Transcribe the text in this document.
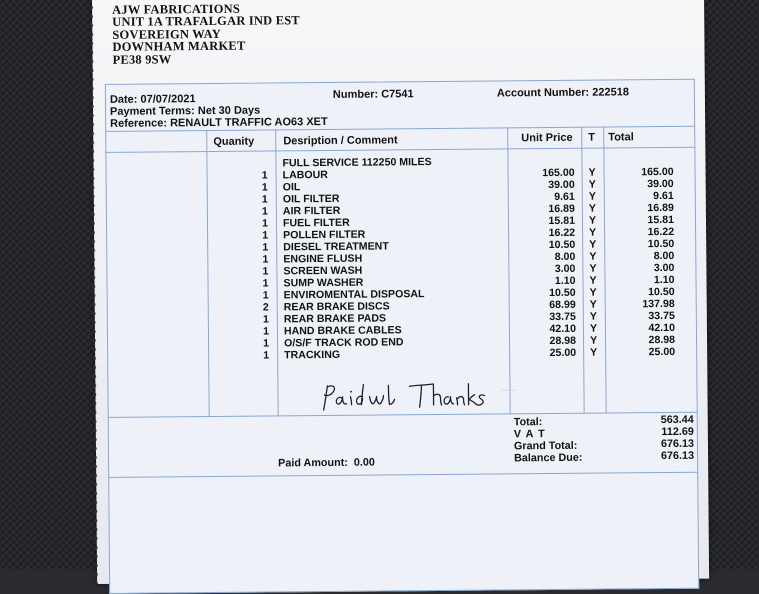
AJW FABRICATIONS
UNIT 1A TRAFALGAR IND EST
SOVEREIGN WAY
DOWNHAM MARKET
PE38 9SW
Date: 07/07/2021
Payment Terms: Net 30 Days
Reference: RENAULT TRAFFIC AO63 XET
Number: C7541	Account Number: 222518
Quanity	Desription / Comment	Unit Price T Total
FULL SERVICE 112250 MILES
1 LABOUR	165.00 Y	165.00
1 OIL	39.00 Y	39.00
1 OIL FILTER	9.61 Y	9.61
1 AIR FILTER	16.89 Y	16.89
1 FUEL FILTER	15.81 Y	15.81
1 POLLEN FILTER	16.22 Y	16.22
1 DIESEL TREATMENT	10.50 Y	10.50
1 ENGINE FLUSH	8.00 Y	8.00
1 SCREEN WASH	3.00 Y	3.00
1 SUMP WASHER	1.10 Y	1.10
1 ENVIROMENTAL DISPOSAL	10.50 Y	10.50
2 REAR BRAKE DISCS	68.99 Y	137.98
1 REAR BRAKE PADS	33.75 Y	33.75
1 HAND BRAKE CABLES	42.10 Y	42.10
1 O/S/F TRACK ROD END	28.98 Y	28.98
1 TRACKING	25.00 Y	25.00
~~
Total:	563.44
V A T	112.69
Grand Total:	676.13
Balance Due:	676.13
Paid Amount:  0.00
